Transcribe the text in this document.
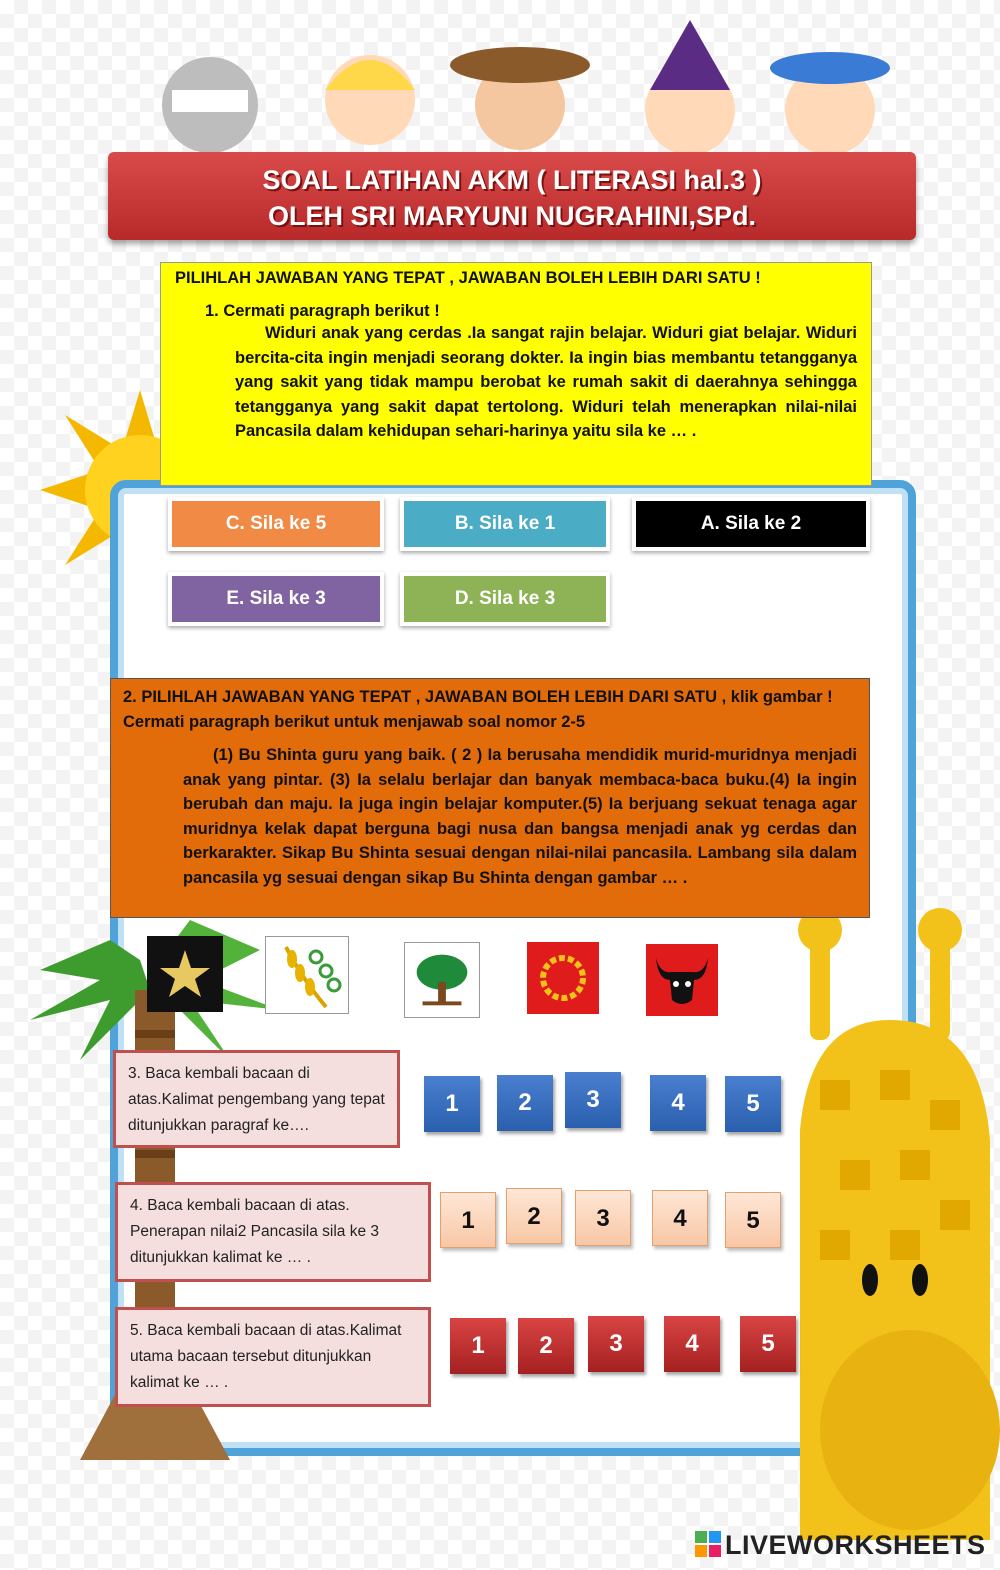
SOAL LATIHAN AKM ( LITERASI hal.3 )
OLEH SRI MARYUNI NUGRAHINI,SPd.
PILIHLAH JAWABAN YANG TEPAT , JAWABAN BOLEH LEBIH DARI SATU !
1. Cermati paragraph berikut !
Widuri anak yang cerdas .Ia sangat rajin belajar. Widuri giat belajar. Widuri bercita-cita ingin menjadi seorang dokter. Ia ingin bias membantu tetangganya yang sakit yang tidak mampu berobat ke rumah sakit di daerahnya sehingga tetangganya yang sakit dapat tertolong. Widuri telah menerapkan nilai-nilai Pancasila dalam kehidupan sehari-harinya yaitu sila ke … .
C. Sila ke 5	B. Sila ke 1	A. Sila ke 2
E. Sila ke 3	D. Sila ke 3
2. PILIHLAH JAWABAN YANG TEPAT , JAWABAN BOLEH LEBIH DARI SATU , klik gambar ! Cermati paragraph berikut untuk menjawab soal nomor 2-5
(1) Bu Shinta guru yang baik. ( 2 ) Ia berusaha mendidik murid-muridnya menjadi anak yang pintar. (3) Ia selalu berlajar dan banyak membaca-baca buku.(4) Ia ingin berubah dan maju. Ia juga ingin belajar komputer.(5) Ia berjuang sekuat tenaga agar muridnya kelak dapat berguna bagi nusa dan bangsa menjadi anak yg cerdas dan berkarakter. Sikap Bu Shinta sesuai dengan nilai-nilai pancasila. Lambang sila dalam pancasila yg sesuai dengan sikap Bu Shinta dengan gambar … .
3. Baca kembali bacaan di atas.Kalimat pengembang yang tepat ditunjukkan paragraf ke….
1	2	3	4	5
4. Baca kembali bacaan di atas. Penerapan nilai2 Pancasila sila ke 3 ditunjukkan kalimat ke … .
1	2	3	4	5
5. Baca kembali bacaan di atas.Kalimat utama bacaan tersebut ditunjukkan kalimat ke … .
1	2	3	4	5
LIVEWORKSHEETS
